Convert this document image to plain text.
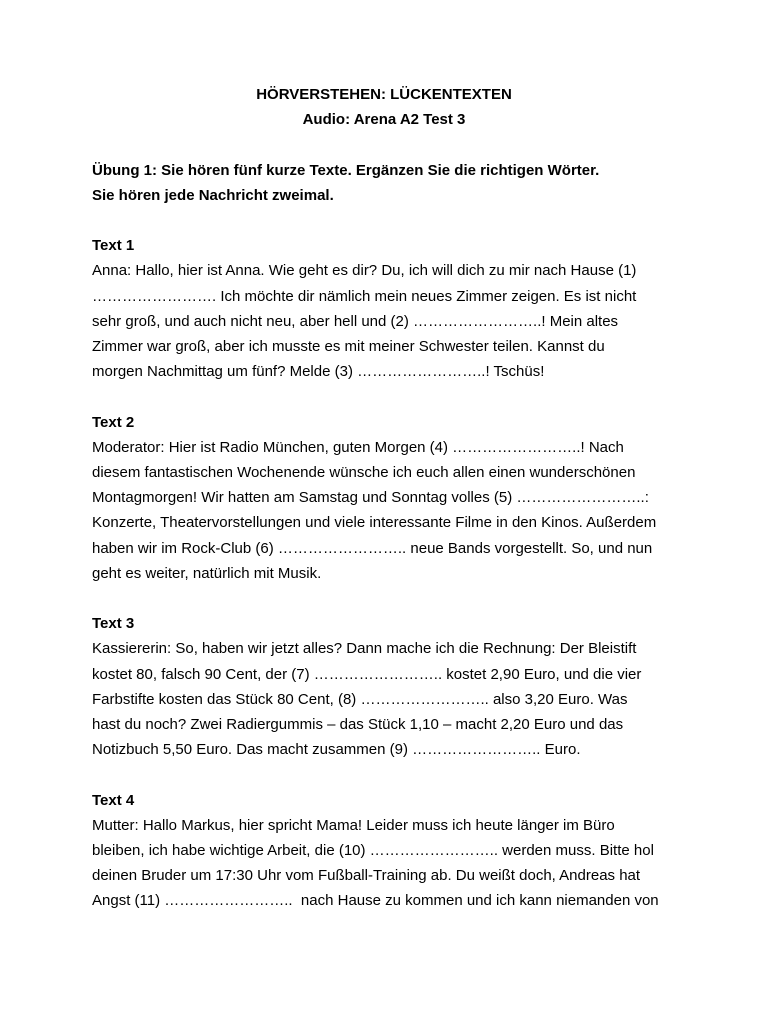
HÖRVERSTEHEN: LÜCKENTEXTEN

Audio: Arena A2 Test 3

Übung 1: Sie hören fünf kurze Texte. Ergänzen Sie die richtigen Wörter.

Sie hören jede Nachricht zweimal.

Text 1

Anna: Hallo, hier ist Anna. Wie geht es dir? Du, ich will dich zu mir nach Hause (1)

……………………. Ich möchte dir nämlich mein neues Zimmer zeigen. Es ist nicht

sehr groß, und auch nicht neu, aber hell und (2) ……………………..! Mein altes

Zimmer war groß, aber ich musste es mit meiner Schwester teilen. Kannst du

morgen Nachmittag um fünf? Melde (3) ……………………..! Tschüs!

Text 2

Moderator: Hier ist Radio München, guten Morgen (4) ……………………..! Nach

diesem fantastischen Wochenende wünsche ich euch allen einen wunderschönen

Montagmorgen! Wir hatten am Samstag und Sonntag volles (5) ……………………..:

Konzerte, Theatervorstellungen und viele interessante Filme in den Kinos. Außerdem

haben wir im Rock-Club (6) …………………….. neue Bands vorgestellt. So, und nun

geht es weiter, natürlich mit Musik.

Text 3

Kassiererin: So, haben wir jetzt alles? Dann mache ich die Rechnung: Der Bleistift

kostet 80, falsch 90 Cent, der (7) …………………….. kostet 2,90 Euro, und die vier

Farbstifte kosten das Stück 80 Cent, (8) …………………….. also 3,20 Euro. Was

hast du noch? Zwei Radiergummis – das Stück 1,10 – macht 2,20 Euro und das

Notizbuch 5,50 Euro. Das macht zusammen (9) …………………….. Euro.

Text 4

Mutter: Hallo Markus, hier spricht Mama! Leider muss ich heute länger im Büro

bleiben, ich habe wichtige Arbeit, die (10) …………………….. werden muss. Bitte hol

deinen Bruder um 17:30 Uhr vom Fußball-Training ab. Du weißt doch, Andreas hat

Angst (11) ……………………..  nach Hause zu kommen und ich kann niemanden von
